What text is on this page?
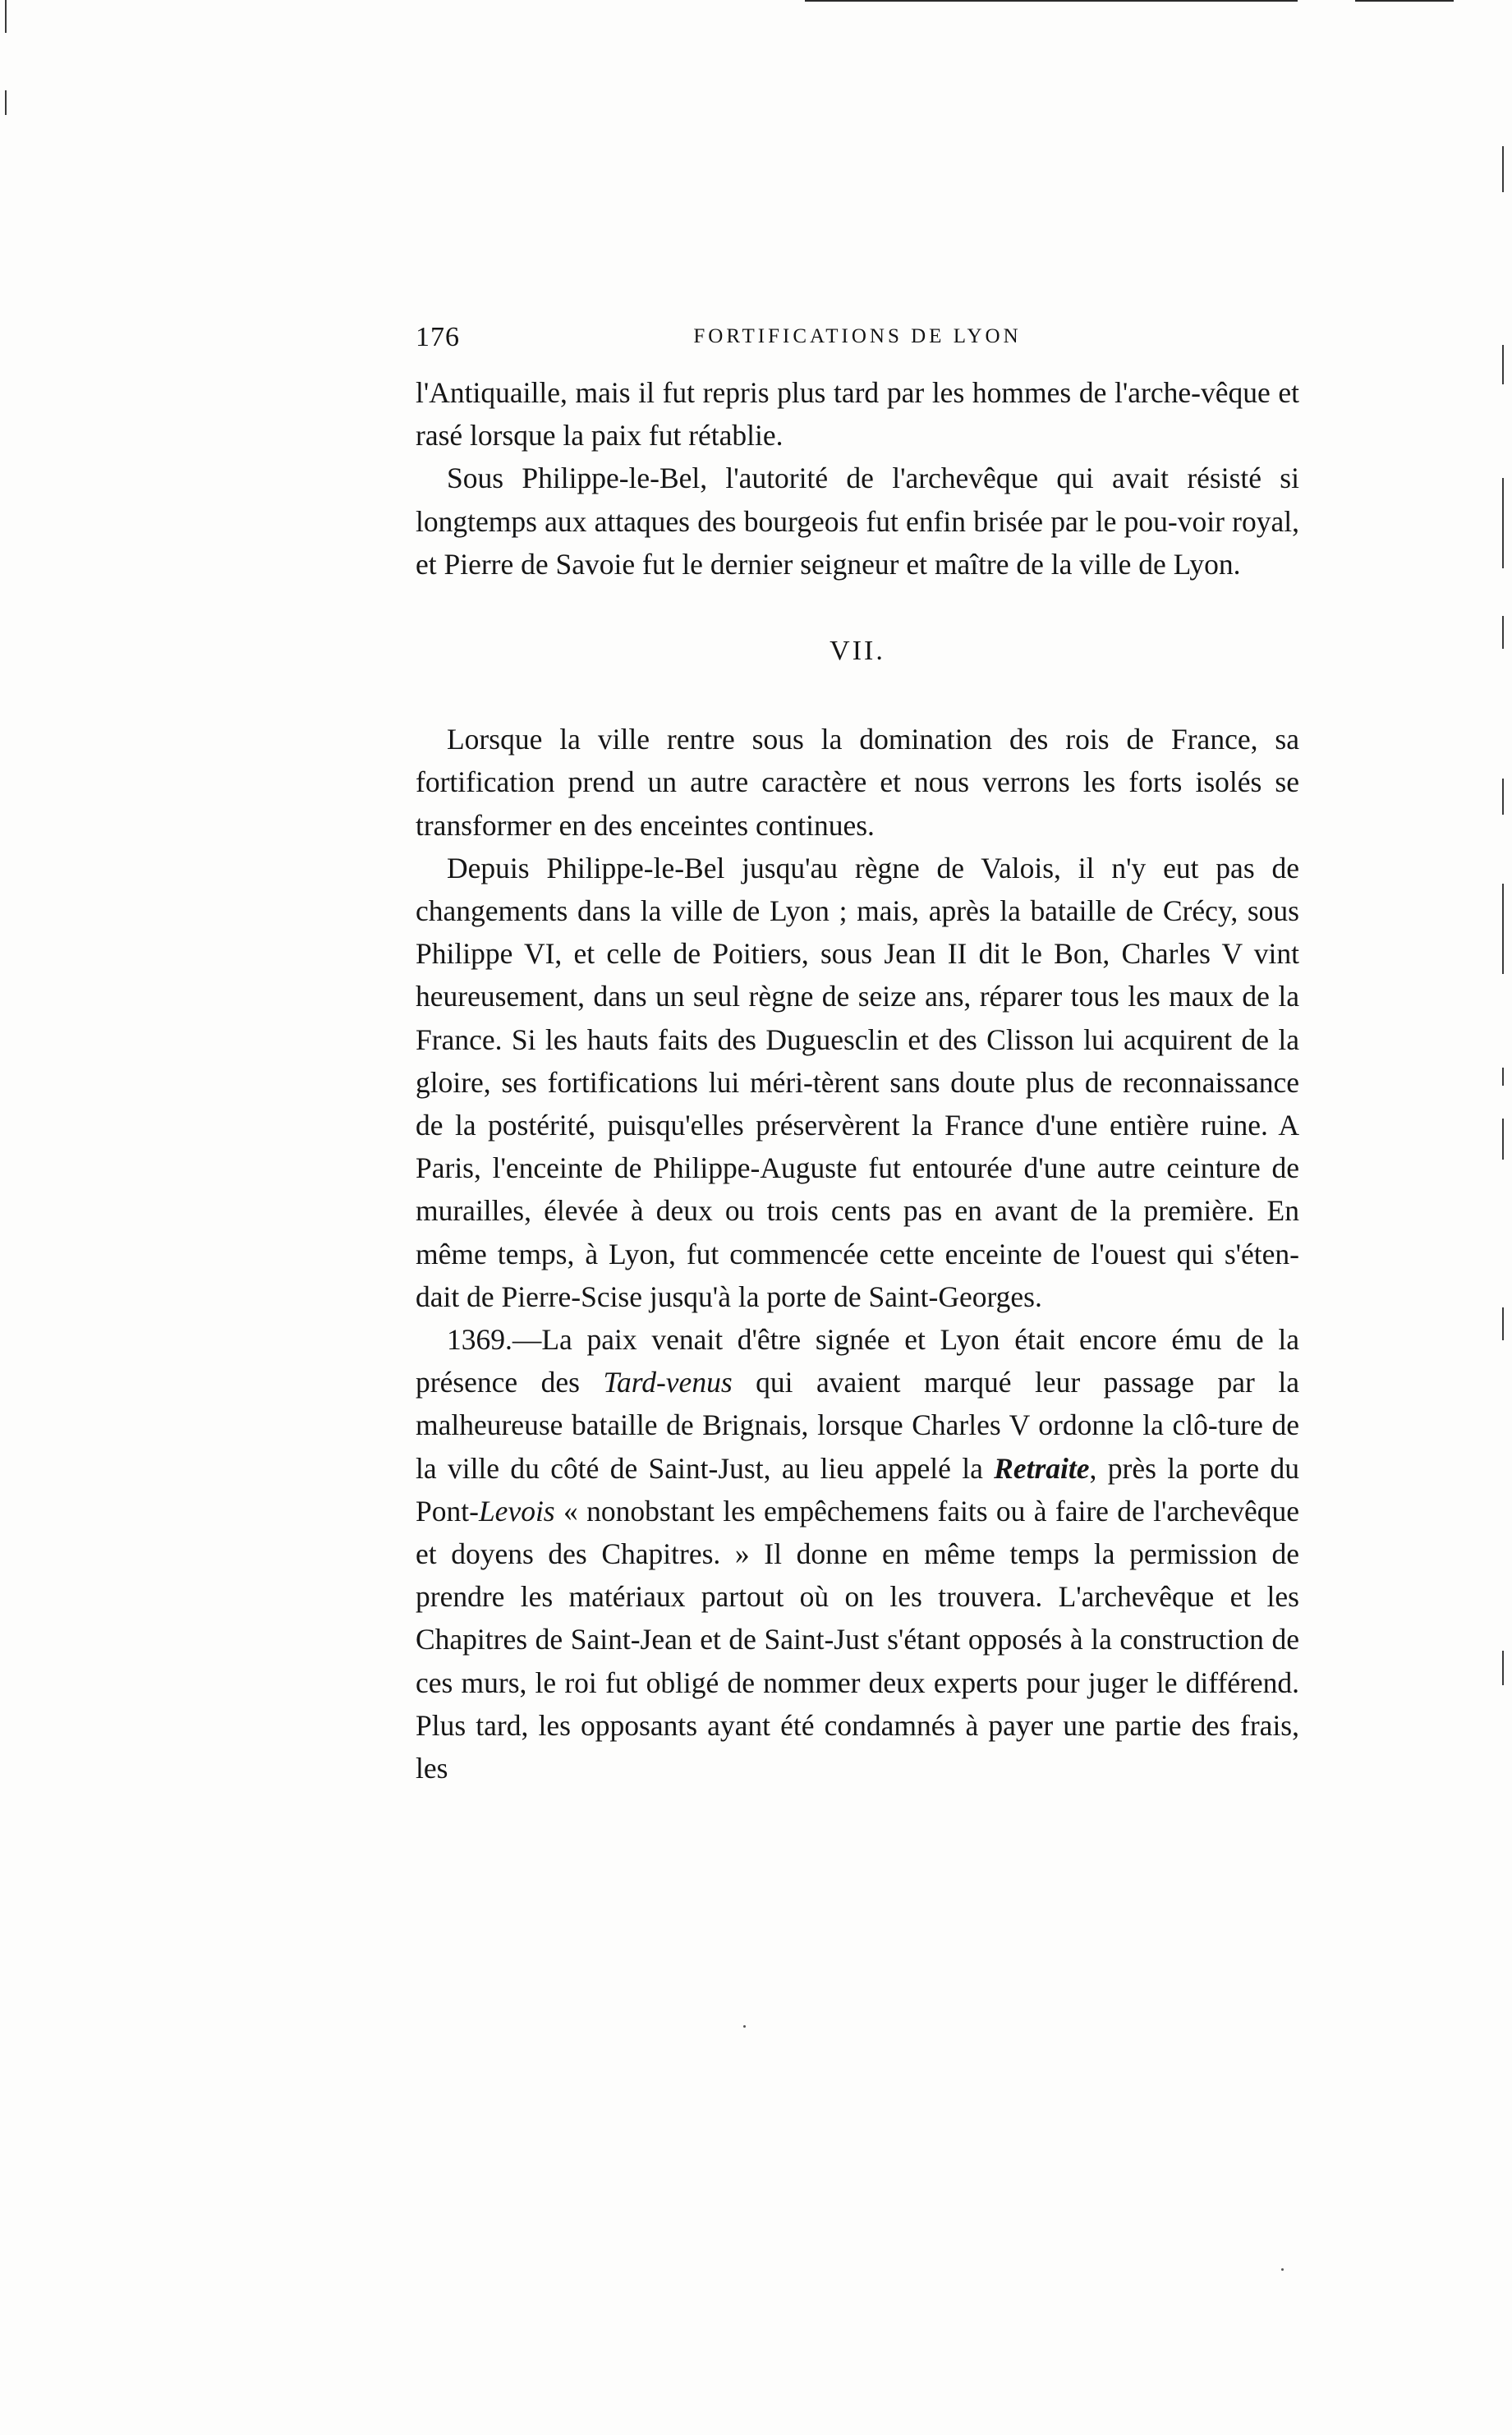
176	FORTIFICATIONS DE LYON

l'Antiquaille, mais il fut repris plus tard par les hommes de l'arche-vêque et rasé lorsque la paix fut rétablie.

Sous Philippe-le-Bel, l'autorité de l'archevêque qui avait résisté si longtemps aux attaques des bourgeois fut enfin brisée par le pou-voir royal, et Pierre de Savoie fut le dernier seigneur et maître de la ville de Lyon.

VII.

Lorsque la ville rentre sous la domination des rois de France, sa fortification prend un autre caractère et nous verrons les forts isolés se transformer en des enceintes continues.

Depuis Philippe-le-Bel jusqu'au règne de Valois, il n'y eut pas de changements dans la ville de Lyon ; mais, après la bataille de Crécy, sous Philippe VI, et celle de Poitiers, sous Jean II dit le Bon, Charles V vint heureusement, dans un seul règne de seize ans, réparer tous les maux de la France. Si les hauts faits des Duguesclin et des Clisson lui acquirent de la gloire, ses fortifications lui méri-tèrent sans doute plus de reconnaissance de la postérité, puisqu'elles préservèrent la France d'une entière ruine. A Paris, l'enceinte de Philippe-Auguste fut entourée d'une autre ceinture de murailles, élevée à deux ou trois cents pas en avant de la première. En même temps, à Lyon, fut commencée cette enceinte de l'ouest qui s'éten-dait de Pierre-Scise jusqu'à la porte de Saint-Georges.

1369.—La paix venait d'être signée et Lyon était encore ému de la présence des Tard-venus qui avaient marqué leur passage par la malheureuse bataille de Brignais, lorsque Charles V ordonne la clô-ture de la ville du côté de Saint-Just, au lieu appelé la Retraite, près la porte du Pont-Levois « nonobstant les empêchemens faits ou à faire de l'archevêque et doyens des Chapitres. » Il donne en même temps la permission de prendre les matériaux partout où on les trouvera. L'archevêque et les Chapitres de Saint-Jean et de Saint-Just s'étant opposés à la construction de ces murs, le roi fut obligé de nommer deux experts pour juger le différend. Plus tard, les opposants ayant été condamnés à payer une partie des frais, les
